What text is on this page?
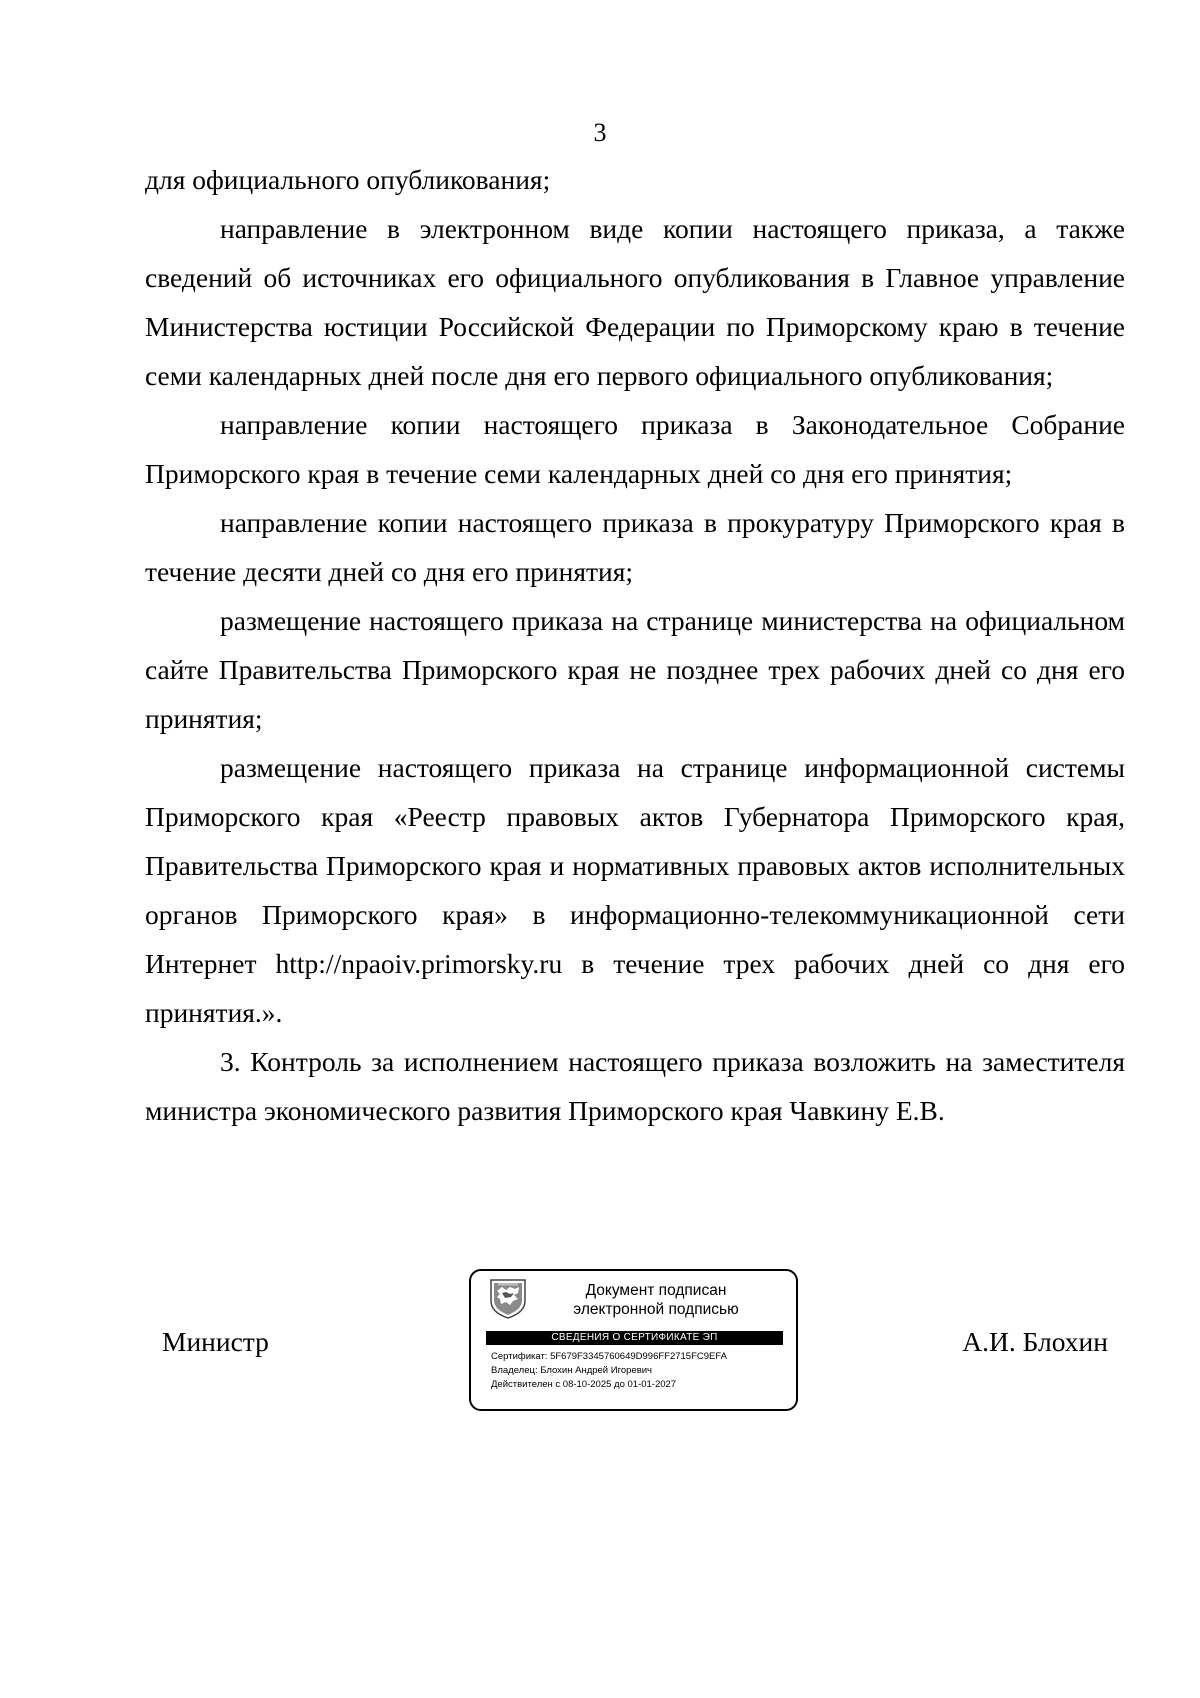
3

для официального опубликования;

направление в электронном виде копии настоящего приказа, а также сведений об источниках его официального опубликования в Главное управление Министерства юстиции Российской Федерации по Приморскому краю в течение семи календарных дней после дня его первого официального опубликования;

направление копии настоящего приказа в Законодательное Собрание Приморского края в течение семи календарных дней со дня его принятия;

направление копии настоящего приказа в прокуратуру Приморского края в течение десяти дней со дня его принятия;

размещение настоящего приказа на странице министерства на официальном сайте Правительства Приморского края не позднее трех рабочих дней со дня его принятия;

размещение настоящего приказа на странице информационной системы Приморского края «Реестр правовых актов Губернатора Приморского края, Правительства Приморского края и нормативных правовых актов исполнительных органов Приморского края» в информационно-телекоммуникационной сети Интернет http://npaoiv.primorsky.ru в течение трех рабочих дней со дня его принятия.».

3. Контроль за исполнением настоящего приказа возложить на заместителя министра экономического развития Приморского края Чавкину Е.В.

Министр
Документ подписан
электронной подписью
СВЕДЕНИЯ О СЕРТИФИКАТЕ ЭП
Сертификат: 5F679F3345760649D996FF2715FC9EFA
Владелец: Блохин Андрей Игоревич
Действителен с 08-10-2025 до 01-01-2027
А.И. Блохин
